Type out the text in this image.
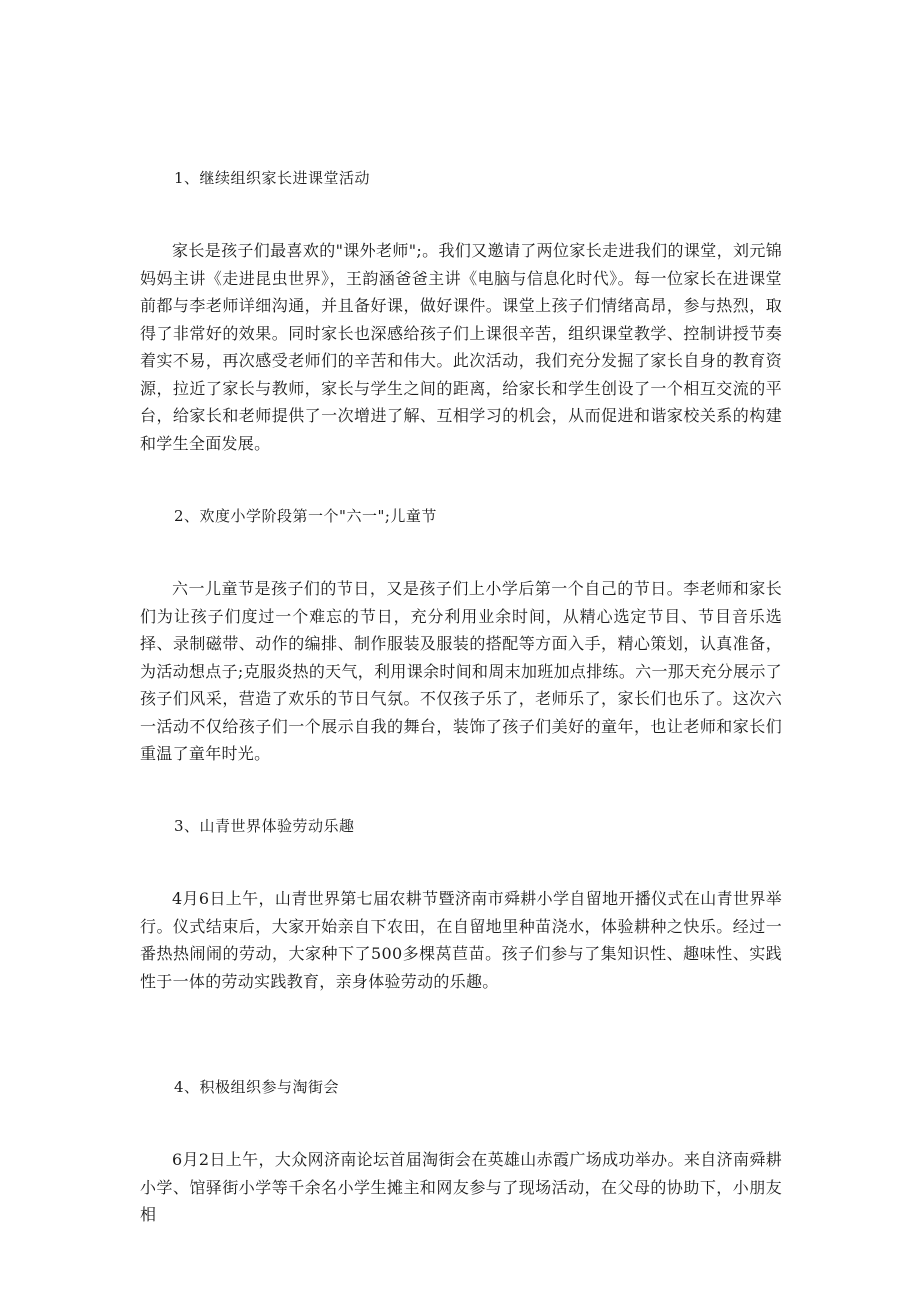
1、继续组织家长进课堂活动

家长是孩子们最喜欢的"课外老师";。我们又邀请了两位家长走进我们的课堂，刘元锦妈妈主讲《走进昆虫世界》，王韵涵爸爸主讲《电脑与信息化时代》。每一位家长在进课堂前都与李老师详细沟通，并且备好课，做好课件。课堂上孩子们情绪高昂，参与热烈，取得了非常好的效果。同时家长也深感给孩子们上课很辛苦，组织课堂教学、控制讲授节奏着实不易，再次感受老师们的辛苦和伟大。此次活动，我们充分发掘了家长自身的教育资源，拉近了家长与教师，家长与学生之间的距离，给家长和学生创设了一个相互交流的平台，给家长和老师提供了一次增进了解、互相学习的机会，从而促进和谐家校关系的构建和学生全面发展。

2、欢度小学阶段第一个"六一";儿童节

六一儿童节是孩子们的节日，又是孩子们上小学后第一个自己的节日。李老师和家长们为让孩子们度过一个难忘的节日，充分利用业余时间，从精心选定节目、节目音乐选择、录制磁带、动作的编排、制作服装及服装的搭配等方面入手，精心策划，认真准备，为活动想点子;克服炎热的天气，利用课余时间和周末加班加点排练。六一那天充分展示了孩子们风采，营造了欢乐的节日气氛。不仅孩子乐了，老师乐了，家长们也乐了。这次六一活动不仅给孩子们一个展示自我的舞台，装饰了孩子们美好的童年，也让老师和家长们重温了童年时光。

3、山青世界体验劳动乐趣

4月6日上午，山青世界第七届农耕节暨济南市舜耕小学自留地开播仪式在山青世界举行。仪式结束后，大家开始亲自下农田，在自留地里种苗浇水，体验耕种之快乐。经过一番热热闹闹的劳动，大家种下了500多棵莴苣苗。孩子们参与了集知识性、趣味性、实践性于一体的劳动实践教育，亲身体验劳动的乐趣。

4、积极组织参与淘街会

6月2日上午，大众网济南论坛首届淘街会在英雄山赤霞广场成功举办。来自济南舜耕小学、馆驿街小学等千余名小学生摊主和网友参与了现场活动，在父母的协助下，小朋友相
